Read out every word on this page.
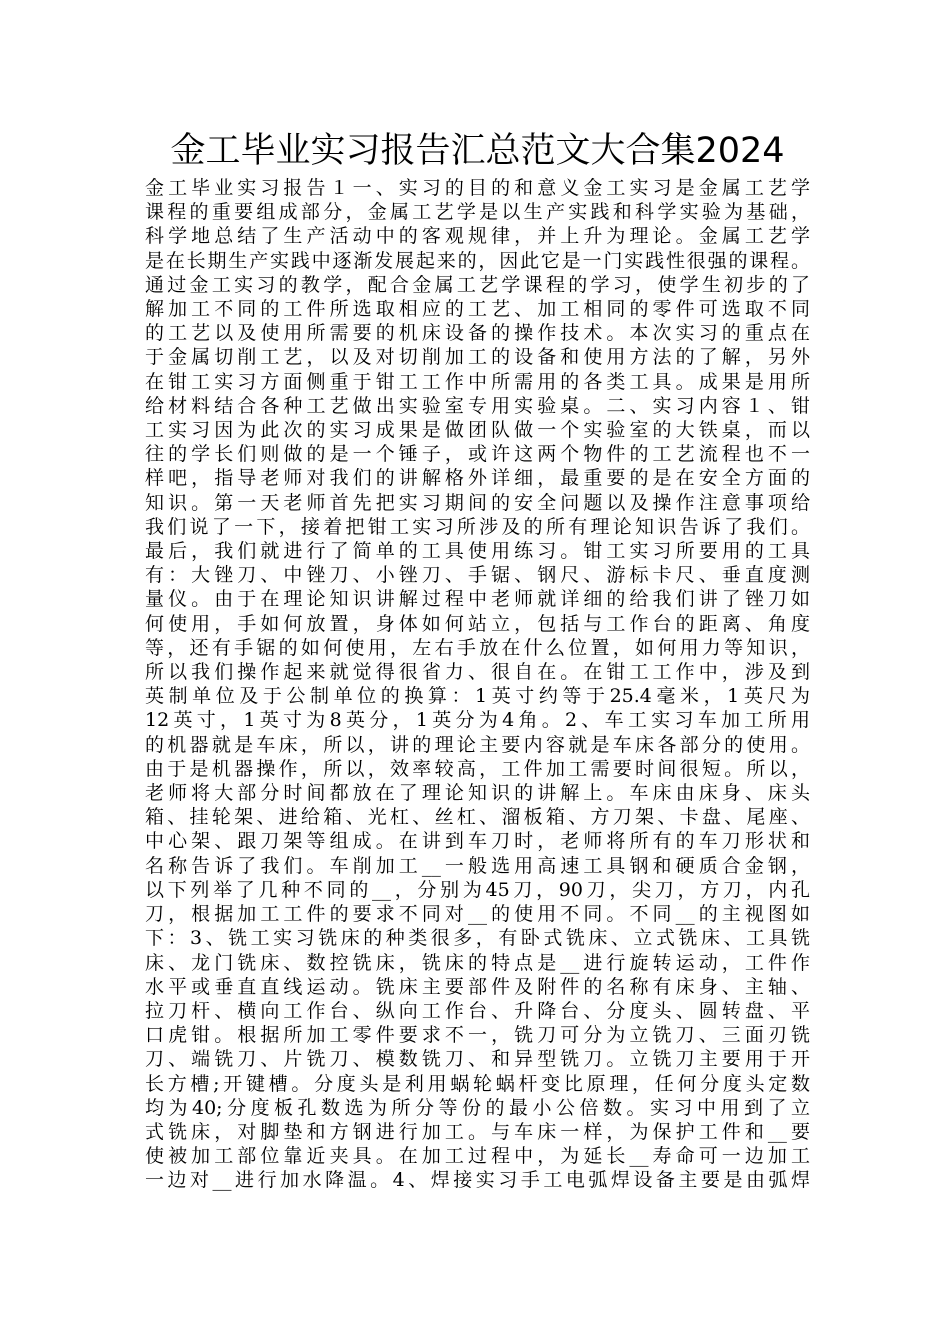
金工毕业实习报告汇总范文大合集2024
金工毕业实习报告１一、实习的目的和意义金工实习是金属工艺学
课程的重要组成部分，金属工艺学是以生产实践和科学实验为基础，
科学地总结了生产活动中的客观规律，并上升为理论。金属工艺学
是在长期生产实践中逐渐发展起来的，因此它是一门实践性很强的课程。
通过金工实习的教学，配合金属工艺学课程的学习，使学生初步的了
解加工不同的工件所选取相应的工艺、加工相同的零件可选取不同
的工艺以及使用所需要的机床设备的操作技术。本次实习的重点在
于金属切削工艺，以及对切削加工的设备和使用方法的了解，另外
在钳工实习方面侧重于钳工工作中所需用的各类工具。成果是用所
给材料结合各种工艺做出实验室专用实验桌。二、实习内容１、钳
工实习因为此次的实习成果是做团队做一个实验室的大铁桌，而以
往的学长们则做的是一个锤子，或许这两个物件的工艺流程也不一
样吧，指导老师对我们的讲解格外详细，最重要的是在安全方面的
知识。第一天老师首先把实习期间的安全问题以及操作注意事项给
我们说了一下，接着把钳工实习所涉及的所有理论知识告诉了我们。
最后，我们就进行了简单的工具使用练习。钳工实习所要用的工具
有：大锉刀、中锉刀、小锉刀、手锯、钢尺、游标卡尺、垂直度测
量仪。由于在理论知识讲解过程中老师就详细的给我们讲了锉刀如
何使用，手如何放置，身体如何站立，包括与工作台的距离、角度
等，还有手锯的如何使用，左右手放在什么位置，如何用力等知识，
所以我们操作起来就觉得很省力、很自在。在钳工工作中，涉及到
英制单位及于公制单位的换算：1英寸约等于25.4毫米，1英尺为
12英寸，1英寸为8英分，1英分为4角。2、车工实习车加工所用
的机器就是车床，所以，讲的理论主要内容就是车床各部分的使用。
由于是机器操作，所以，效率较高，工件加工需要时间很短。所以，
老师将大部分时间都放在了理论知识的讲解上。车床由床身、床头
箱、挂轮架、进给箱、光杠、丝杠、溜板箱、方刀架、卡盘、尾座、
中心架、跟刀架等组成。在讲到车刀时，老师将所有的车刀形状和
名称告诉了我们。车削加工__一般选用高速工具钢和硬质合金钢，
以下列举了几种不同的__，分别为45刀，90刀，尖刀，方刀，内孔
刀，根据加工工件的要求不同对__的使用不同。不同__的主视图如
下：3、铣工实习铣床的种类很多，有卧式铣床、立式铣床、工具铣
床、龙门铣床、数控铣床，铣床的特点是__进行旋转运动，工件作
水平或垂直直线运动。铣床主要部件及附件的名称有床身、主轴、
拉刀杆、横向工作台、纵向工作台、升降台、分度头、圆转盘、平
口虎钳。根据所加工零件要求不一，铣刀可分为立铣刀、三面刃铣
刀、端铣刀、片铣刀、模数铣刀、和异型铣刀。立铣刀主要用于开
长方槽;开键槽。分度头是利用蜗轮蜗杆变比原理，任何分度头定数
均为40;分度板孔数选为所分等份的最小公倍数。实习中用到了立
式铣床，对脚垫和方钢进行加工。与车床一样，为保护工件和__要
使被加工部位靠近夹具。在加工过程中，为延长__寿命可一边加工
一边对__进行加水降温。4、焊接实习手工电弧焊设备主要是由弧焊
